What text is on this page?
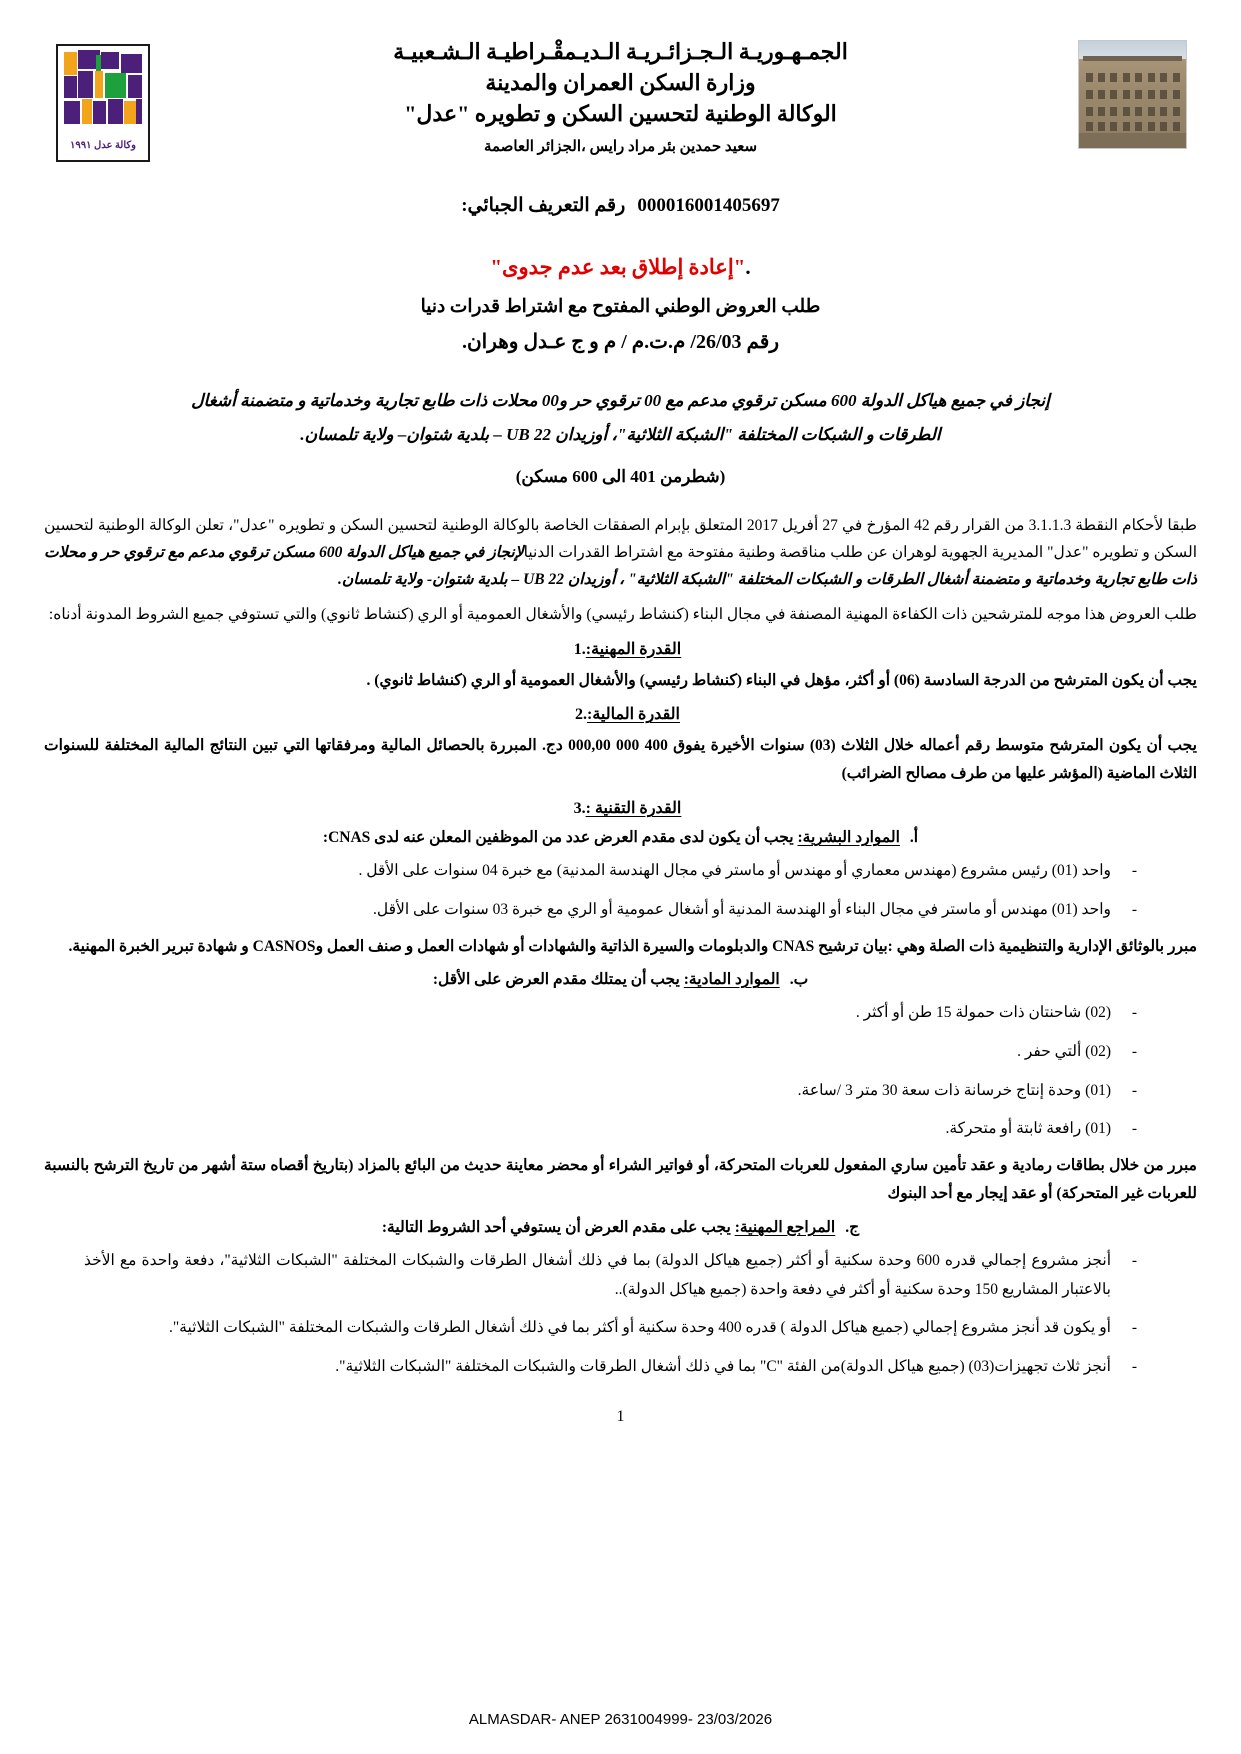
وكالة عدل ١٩٩١
الجمـهـوريـة الـجـزائـريـة الـديـمقْـراطيـة الـشـعبيـة
وزارة السكن العمران والمدينة
الوكالة الوطنية لتحسين السكن و تطويره "عدل"
سعيد حمدين بئر مراد رايس ،الجزائر العاصمة
000016001405697رقم التعريف الجبائي:
."إعادة إطلاق بعد عدم جدوى"
طلب العروض الوطني المفتوح مع اشتراط قدرات دنيا
رقم 26/03/ م.ت.م / م و ج عـدل وهران.
إنجاز في جميع هياكل الدولة 600 مسكن ترقوي مدعم مع 00 ترقوي حر و00 محلات ذات طابع تجارية وخدماتية و متضمنة أشغال
الطرقات و الشبكات المختلفة "الشبكة الثلاثية"، أوزيدان UB 22 – بلدية شتوان– ولاية تلمسان.
(شطرمن 401 الى 600 مسكن)
طبقا لأحكام النقطة 3.1.1.3 من القرار رقم 42 المؤرخ في 27 أفريل 2017 المتعلق بإبرام الصفقات الخاصة بالوكالة الوطنية لتحسين السكن و تطويره "عدل"، تعلن الوكالة الوطنية لتحسين السكن و تطويره "عدل" المديرية الجهوية لوهران عن طلب مناقصة وطنية مفتوحة مع اشتراط القدرات الدنيالإنجاز في جميع هياكل الدولة 600 مسكن ترقوي مدعم مع ترقوي حر و محلات ذات طابع تجارية وخدماتية و متضمنة أشغال الطرقات و الشبكات المختلفة "الشبكة الثلاثية" ، أوزيدان UB 22 – بلدية شتوان- ولاية تلمسان.
طلب العروض هذا موجه للمترشحين ذات الكفاءة المهنية المصنفة في مجال البناء (كنشاط رئيسي) والأشغال العمومية أو الري (كنشاط ثانوي) والتي تستوفي جميع الشروط المدونة أدناه:
القدرة المهنية:1.
يجب أن يكون المترشح من الدرجة السادسة (06) أو أكثر، مؤهل في البناء (كنشاط رئيسي) والأشغال العمومية أو الري (كنشاط ثانوي) .
القدرة المالية:2.
يجب أن يكون المترشح متوسط رقم أعماله خلال الثلاث (03) سنوات الأخيرة يفوق 400 000 000,00 دج. المبررة بالحصائل المالية ومرفقاتها التي تبين النتائج المالية المختلفة للسنوات الثلاث الماضية (المؤشر عليها من طرف مصالح الضرائب)
القدرة التقنية :3.
أ.الموارد البشرية: يجب أن يكون لدى مقدم العرض عدد من الموظفين المعلن عنه لدى CNAS:
- واحد (01) رئيس مشروع (مهندس معماري أو مهندس أو ماستر في مجال الهندسة المدنية) مع خبرة 04 سنوات على الأقل .
- واحد (01) مهندس أو ماستر في مجال البناء أو الهندسة المدنية أو أشغال عمومية أو الري مع خبرة 03 سنوات على الأقل.
مبرر بالوثائق الإدارية والتنظيمية ذات الصلة وهي :بيان ترشيح CNAS والدبلومات والسيرة الذاتية والشهادات أو شهادات العمل و صنف العمل وCASNOS و شهادة تبرير الخبرة المهنية.
ب.الموارد المادية: يجب أن يمتلك مقدم العرض على الأقل:
- (02) شاحنتان ذات حمولة 15 طن أو أكثر .
- (02) ألتي حفر .
- (01) وحدة إنتاج خرسانة ذات سعة 30 متر 3 /ساعة.
- (01) رافعة ثابتة أو متحركة.
مبرر من خلال بطاقات رمادية و عقد تأمين ساري المفعول للعربات المتحركة، أو فواتير الشراء أو محضر معاينة حديث من البائع بالمزاد (بتاريخ أقصاه ستة أشهر من تاريخ الترشح بالنسبة للعربات غير المتحركة) أو عقد إيجار مع أحد البنوك
ج.المراجع المهنية: يجب على مقدم العرض أن يستوفي أحد الشروط التالية:
- أنجز مشروع إجمالي قدره 600 وحدة سكنية أو أكثر (جميع هياكل الدولة) بما في ذلك أشغال الطرقات والشبكات المختلفة "الشبكات الثلاثية"، دفعة واحدة مع الأخذ بالاعتبار المشاريع 150 وحدة سكنية أو أكثر في دفعة واحدة (جميع هياكل الدولة)..
- أو يكون قد أنجز مشروع إجمالي (جميع هياكل الدولة ) قدره 400 وحدة سكنية أو أكثر بما في ذلك أشغال الطرقات والشبكات المختلفة "الشبكات الثلاثية".
- أنجز ثلاث تجهيزات(03) (جميع هياكل الدولة)من الفئة "C" بما في ذلك أشغال الطرقات والشبكات المختلفة "الشبكات الثلاثية".
1
ALMASDAR- ANEP 2631004999- 23/03/2026
